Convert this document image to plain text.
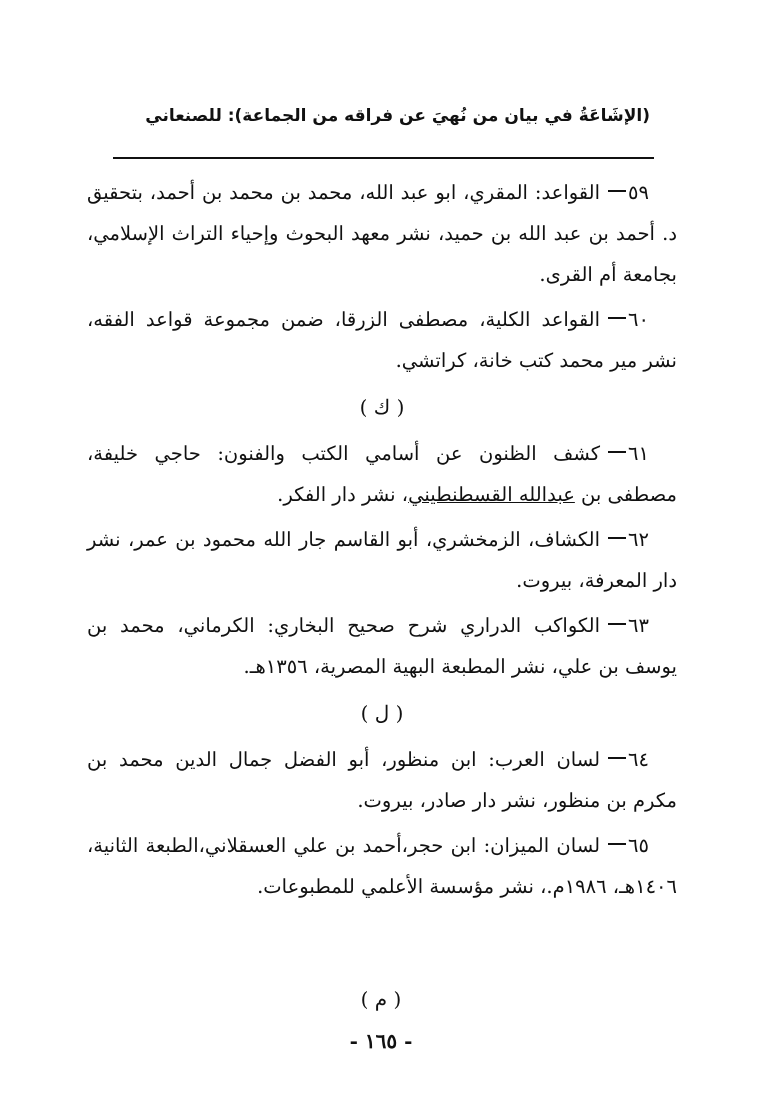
(الإشَاعَةُ في بيان من نُهيَ عن فراقه من الجماعة): للصنعاني

٥٩القواعد: المقري، ابو عبد الله، محمد بن محمد بن أحمد، بتحقيق د. أحمد بن عبد الله بن حميد، نشر معهد البحوث وإحياء التراث الإسلامي، بجامعة أم القرى.

٦٠القواعد الكلية، مصطفى الزرقا، ضمن مجموعة قواعد الفقه، نشر مير محمد كتب خانة، كراتشي.

( ك )

٦١كشف الظنون عن أسامي الكتب والفنون: حاجي خليفة، مصطفى بن عبدالله القسطنطيني، نشر دار الفكر.

٦٢الكشاف، الزمخشري، أبو القاسم جار الله محمود بن عمر، نشر دار المعرفة، بيروت.

٦٣الكواكب الدراري شرح صحيح البخاري: الكرماني، محمد بن يوسف بن علي، نشر المطبعة البهية المصرية، ١٣٥٦هـ.

( ل )

٦٤لسان العرب: ابن منظور، أبو الفضل جمال الدين محمد بن مكرم بن منظور، نشر دار صادر، بيروت.

٦٥لسان الميزان: ابن حجر،أحمد بن علي العسقلاني،الطبعة الثانية، ١٤٠٦هـ، ١٩٨٦م.، نشر مؤسسة الأعلمي للمطبوعات.

( م )
- ١٦٥ -
